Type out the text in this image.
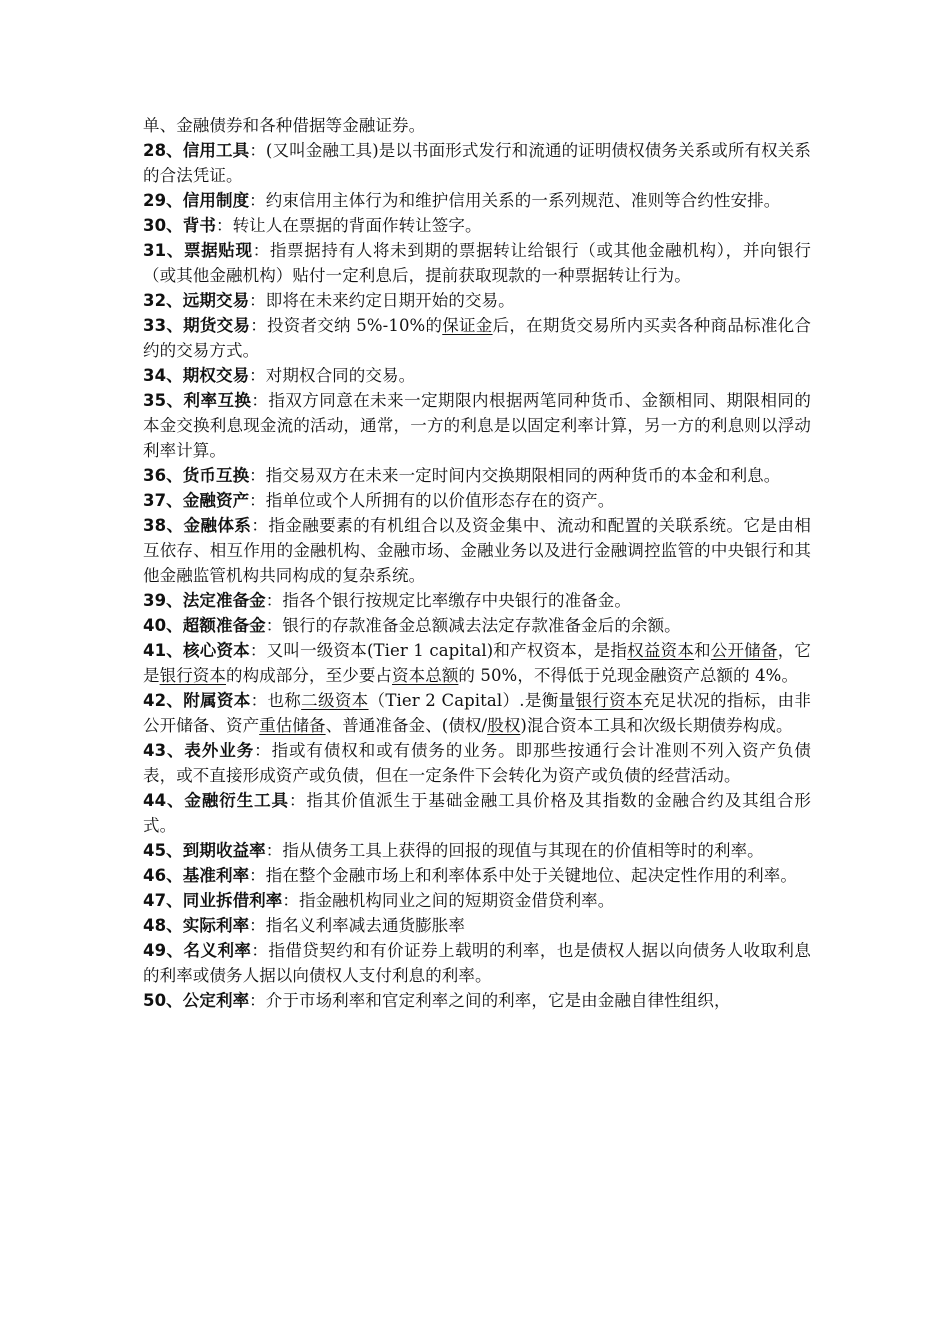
单、金融债券和各种借据等金融证券。

28、信用工具：(又叫金融工具)是以书面形式发行和流通的证明债权债务关系或所有权关系的合法凭证。

29、信用制度：约束信用主体行为和维护信用关系的一系列规范、准则等合约性安排。

30、背书：转让人在票据的背面作转让签字。

31、票据贴现：指票据持有人将未到期的票据转让给银行（或其他金融机构），并向银行（或其他金融机构）贴付一定利息后，提前获取现款的一种票据转让行为。

32、远期交易：即将在未来约定日期开始的交易。

33、期货交易：投资者交纳 5%-10%的保证金后，在期货交易所内买卖各种商品标准化合约的交易方式。

34、期权交易：对期权合同的交易。

35、利率互换：指双方同意在未来一定期限内根据两笔同种货币、金额相同、期限相同的本金交换利息现金流的活动，通常，一方的利息是以固定利率计算，另一方的利息则以浮动利率计算。

36、货币互换：指交易双方在未来一定时间内交换期限相同的两种货币的本金和利息。

37、金融资产：指单位或个人所拥有的以价值形态存在的资产。

38、金融体系：指金融要素的有机组合以及资金集中、流动和配置的关联系统。它是由相互依存、相互作用的金融机构、金融市场、金融业务以及进行金融调控监管的中央银行和其他金融监管机构共同构成的复杂系统。

39、法定准备金：指各个银行按规定比率缴存中央银行的准备金。

40、超额准备金：银行的存款准备金总额减去法定存款准备金后的余额。

41、核心资本：又叫一级资本(Tier 1 capital)和产权资本，是指权益资本和公开储备，它是银行资本的构成部分，至少要占资本总额的 50%，不得低于兑现金融资产总额的 4%。

42、附属资本：也称二级资本（Tier 2 Capital）.是衡量银行资本充足状况的指标，由非公开储备、资产重估储备、普通准备金、(债权/股权)混合资本工具和次级长期债券构成。

43、表外业务：指或有债权和或有债务的业务。即那些按通行会计准则不列入资产负债表，或不直接形成资产或负债，但在一定条件下会转化为资产或负债的经营活动。

44、金融衍生工具：指其价值派生于基础金融工具价格及其指数的金融合约及其组合形式。

45、到期收益率：指从债务工具上获得的回报的现值与其现在的价值相等时的利率。

46、基准利率：指在整个金融市场上和利率体系中处于关键地位、起决定性作用的利率。

47、同业拆借利率：指金融机构同业之间的短期资金借贷利率。

48、实际利率：指名义利率减去通货膨胀率

49、名义利率：指借贷契约和有价证券上载明的利率，也是债权人据以向债务人收取利息的利率或债务人据以向债权人支付利息的利率。

50、公定利率：介于市场利率和官定利率之间的利率，它是由金融自律性组织，
